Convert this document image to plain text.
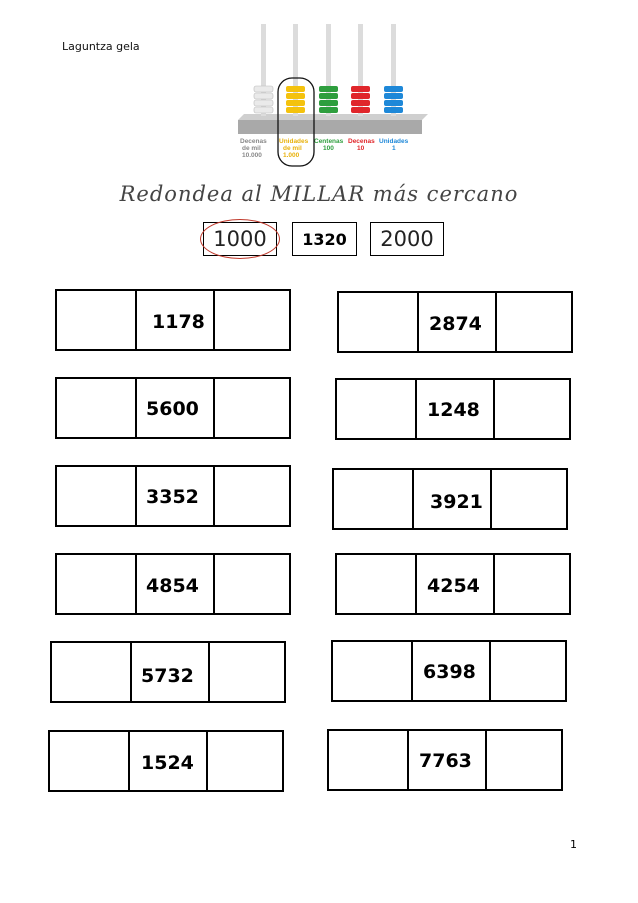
Laguntza gela
Decenas de mil 10.000
Unidades de mil 1.000
Centenas 100
Decenas 10
Unidades 1
Redondea al MILLAR más cercano
1000 1320 2000
1178
5600
3352
4854
5732
1524
2874
1248
3921
4254
6398
7763
1
